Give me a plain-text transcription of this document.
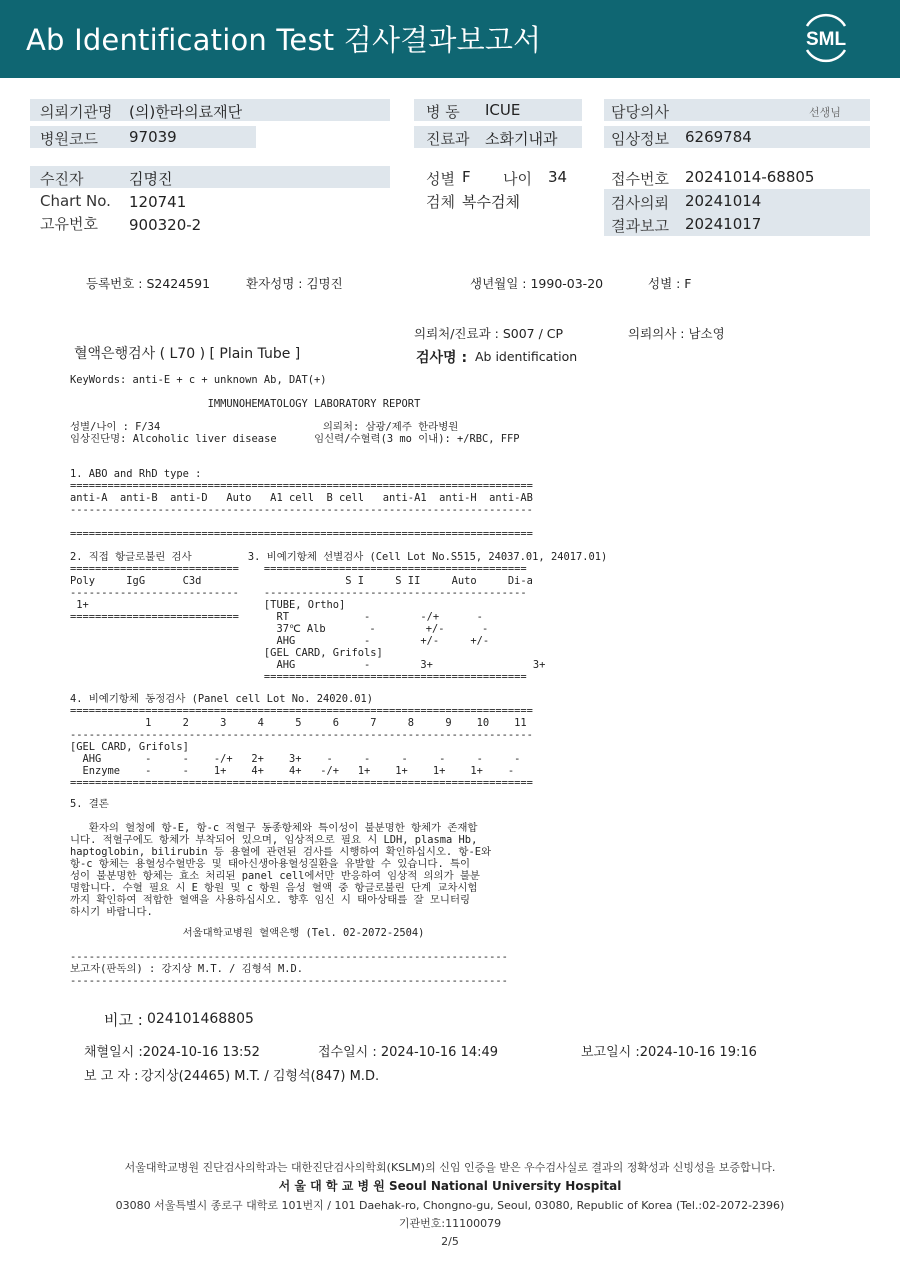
Ab Identification Test 검사결과보고서	SML
의뢰기관명 (의)한라의료재단
병원코드 97039
수진자	김명진
Chart No. 120741
고유번호 900320-2
병 동 ICUE
진료과 소화기내과
성별 F 나이 34
검체 복수검체
담당의사	선생님
임상정보 6269784
접수번호 20241014-68805
검사의뢰 20241014
결과보고 20241017
등록번호 : S2424591	환자성명 : 김명진	생년월일 : 1990-03-20	성별 : F
의뢰처/진료과 : S007 / CP	의뢰의사 : 남소영
혈액은행검사 ( L70 ) [ Plain Tube ]	검사명 : Ab identification
KeyWords: anti-E + c + unknown Ab, DAT(+)
IMMUNOHEMATOLOGY LABORATORY REPORT
성별/나이 : F/34                          의뢰처: 삼광/제주 한라병원
임상진단명: Alcoholic liver disease      임신력/수혈력(3 mo 이내): +/RBC, FFP
1. ABO and RhD type :
==========================================================================
anti-A  anti-B  anti-D   Auto   A1 cell  B cell   anti-A1  anti-H  anti-AB
--------------------------------------------------------------------------
==========================================================================
2. 직접 항글로불린 검사         3. 비예기항체 선별검사 (Cell Lot No.S515, 24037.01, 24017.01)
===========================    ==========================================
Poly     IgG      C3d                       S I     S II     Auto     Di-a
---------------------------    ------------------------------------------
1+                            [TUBE, Ortho]
===========================      RT            -        -/+      -
37℃ Alb       -        +/-      -
AHG           -        +/-     +/-
[GEL CARD, Grifols]
AHG           -        3+                3+
==========================================
4. 비예기항체 동정검사 (Panel cell Lot No. 24020.01)
==========================================================================
1     2     3     4     5     6     7     8     9    10    11
--------------------------------------------------------------------------
[GEL CARD, Grifols]
AHG       -     -    -/+   2+    3+    -     -     -     -     -     -
Enzyme    -     -    1+    4+    4+   -/+   1+    1+    1+    1+    -
==========================================================================
5. 결론
환자의 혈청에 항-E, 항-c 적혈구 동종항체와 특이성이 불분명한 항체가 존재합
니다. 적혈구에도 항체가 부착되어 있으며, 임상적으로 필요 시 LDH, plasma Hb,
haptoglobin, bilirubin 등 용혈에 관련된 검사를 시행하여 확인하십시오. 항-E와
항-c 항체는 용혈성수혈반응 및 태아신생아용혈성질환을 유발할 수 있습니다. 특이
성이 불분명한 항체는 효소 처리된 panel cell에서만 반응하여 임상적 의의가 불분
명합니다. 수혈 필요 시 E 항원 및 c 항원 음성 혈액 중 항글로불린 단계 교차시험
까지 확인하여 적합한 혈액을 사용하십시오. 향후 임신 시 태아상태를 잘 모니터링
하시기 바랍니다.
서울대학교병원 혈액은행 (Tel. 02-2072-2504)
----------------------------------------------------------------------
보고자(판독의) : 강지상 M.T. / 김형석 M.D.
----------------------------------------------------------------------
비고 : 024101468805
채혈일시 :2024-10-16 13:52	접수일시 : 2024-10-16 14:49	보고일시 :2024-10-16 19:16
보 고 자 : 강지상(24465) M.T. / 김형석(847) M.D.
서울대학교병원 진단검사의학과는 대한진단검사의학회(KSLM)의 신임 인증을 받은 우수검사실로 결과의 정확성과 신빙성을 보증합니다.
서 울 대 학 교 병 원 Seoul National University Hospital
03080 서울특별시 종로구 대학로 101번지 / 101 Daehak-ro, Chongno-gu, Seoul, 03080, Republic of Korea (Tel.:02-2072-2396)
기관번호:11100079
2/5
